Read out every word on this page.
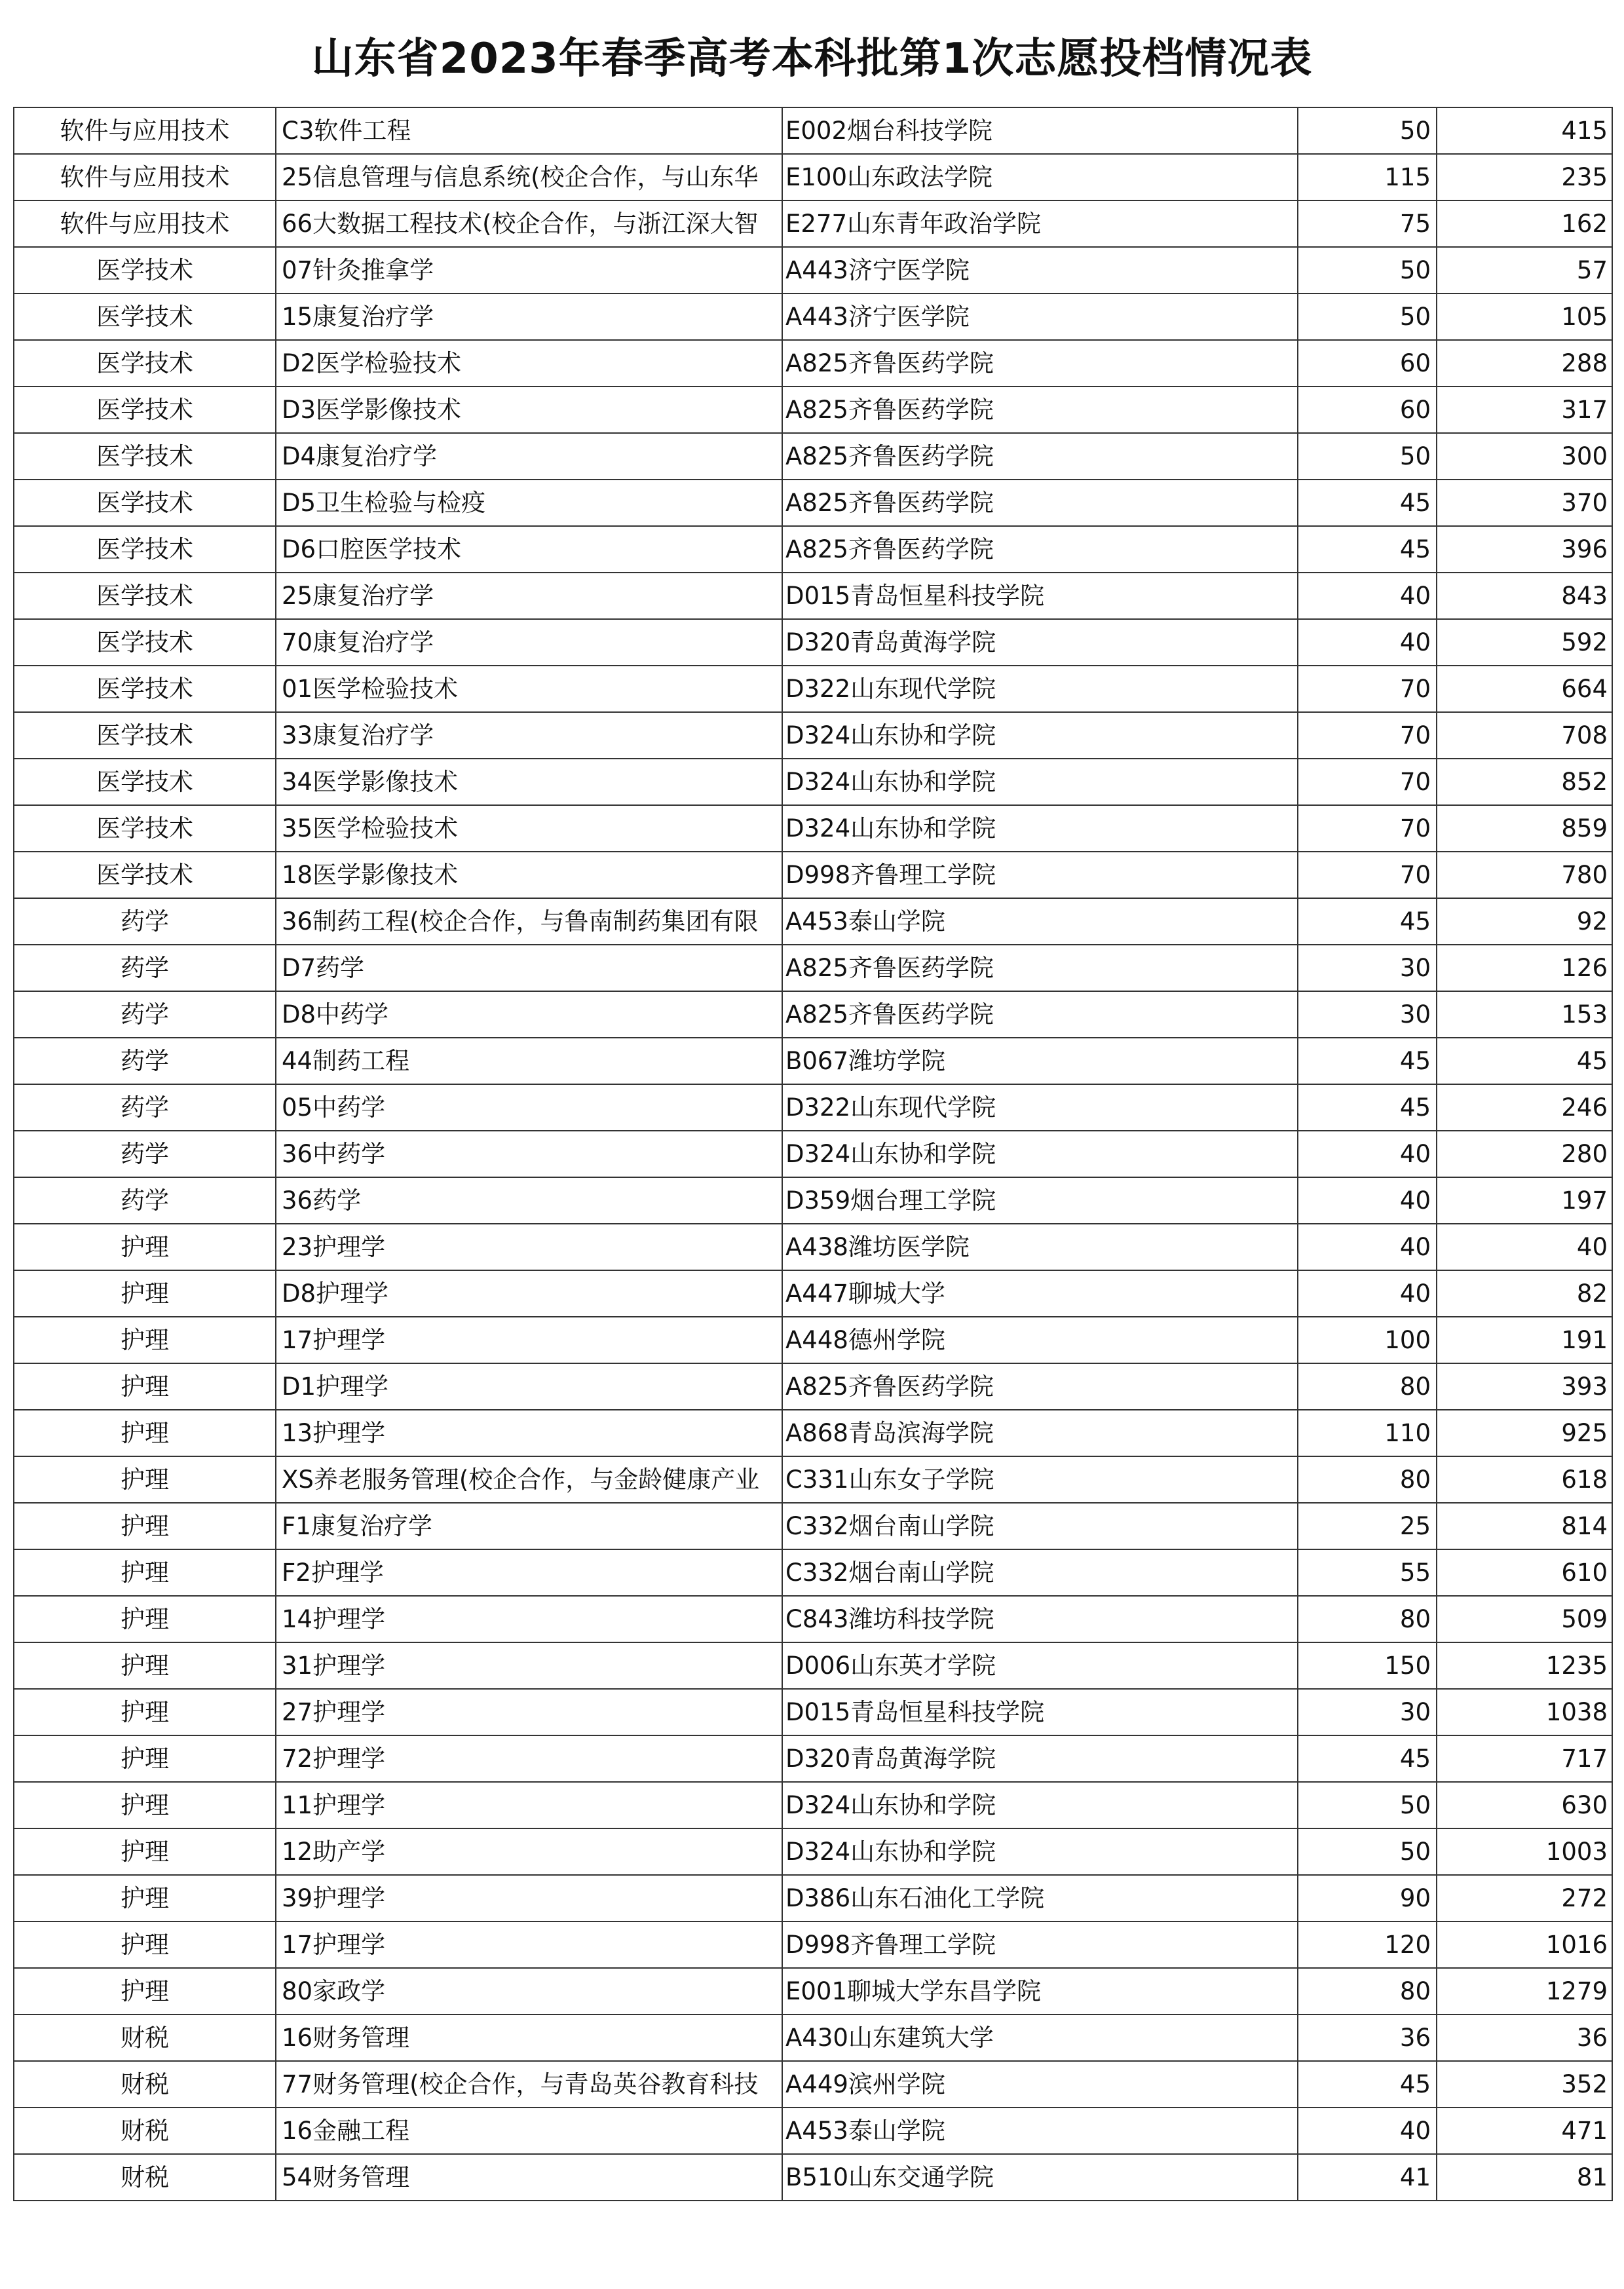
山东省2023年春季高考本科批第1次志愿投档情况表
软件与应用技术	C3软件工程	E002烟台科技学院	50	415
软件与应用技术	25信息管理与信息系统(校企合作，与山东华	E100山东政法学院	115	235
软件与应用技术	66大数据工程技术(校企合作，与浙江深大智	E277山东青年政治学院	75	162
医学技术	07针灸推拿学	A443济宁医学院	50	57
医学技术	15康复治疗学	A443济宁医学院	50	105
医学技术	D2医学检验技术	A825齐鲁医药学院	60	288
医学技术	D3医学影像技术	A825齐鲁医药学院	60	317
医学技术	D4康复治疗学	A825齐鲁医药学院	50	300
医学技术	D5卫生检验与检疫	A825齐鲁医药学院	45	370
医学技术	D6口腔医学技术	A825齐鲁医药学院	45	396
医学技术	25康复治疗学	D015青岛恒星科技学院	40	843
医学技术	70康复治疗学	D320青岛黄海学院	40	592
医学技术	01医学检验技术	D322山东现代学院	70	664
医学技术	33康复治疗学	D324山东协和学院	70	708
医学技术	34医学影像技术	D324山东协和学院	70	852
医学技术	35医学检验技术	D324山东协和学院	70	859
医学技术	18医学影像技术	D998齐鲁理工学院	70	780
药学	36制药工程(校企合作，与鲁南制药集团有限	A453泰山学院	45	92
药学	D7药学	A825齐鲁医药学院	30	126
药学	D8中药学	A825齐鲁医药学院	30	153
药学	44制药工程	B067潍坊学院	45	45
药学	05中药学	D322山东现代学院	45	246
药学	36中药学	D324山东协和学院	40	280
药学	36药学	D359烟台理工学院	40	197
护理	23护理学	A438潍坊医学院	40	40
护理	D8护理学	A447聊城大学	40	82
护理	17护理学	A448德州学院	100	191
护理	D1护理学	A825齐鲁医药学院	80	393
护理	13护理学	A868青岛滨海学院	110	925
护理	XS养老服务管理(校企合作，与金龄健康产业	C331山东女子学院	80	618
护理	F1康复治疗学	C332烟台南山学院	25	814
护理	F2护理学	C332烟台南山学院	55	610
护理	14护理学	C843潍坊科技学院	80	509
护理	31护理学	D006山东英才学院	150	1235
护理	27护理学	D015青岛恒星科技学院	30	1038
护理	72护理学	D320青岛黄海学院	45	717
护理	11护理学	D324山东协和学院	50	630
护理	12助产学	D324山东协和学院	50	1003
护理	39护理学	D386山东石油化工学院	90	272
护理	17护理学	D998齐鲁理工学院	120	1016
护理	80家政学	E001聊城大学东昌学院	80	1279
财税	16财务管理	A430山东建筑大学	36	36
财税	77财务管理(校企合作，与青岛英谷教育科技	A449滨州学院	45	352
财税	16金融工程	A453泰山学院	40	471
财税	54财务管理	B510山东交通学院	41	81
